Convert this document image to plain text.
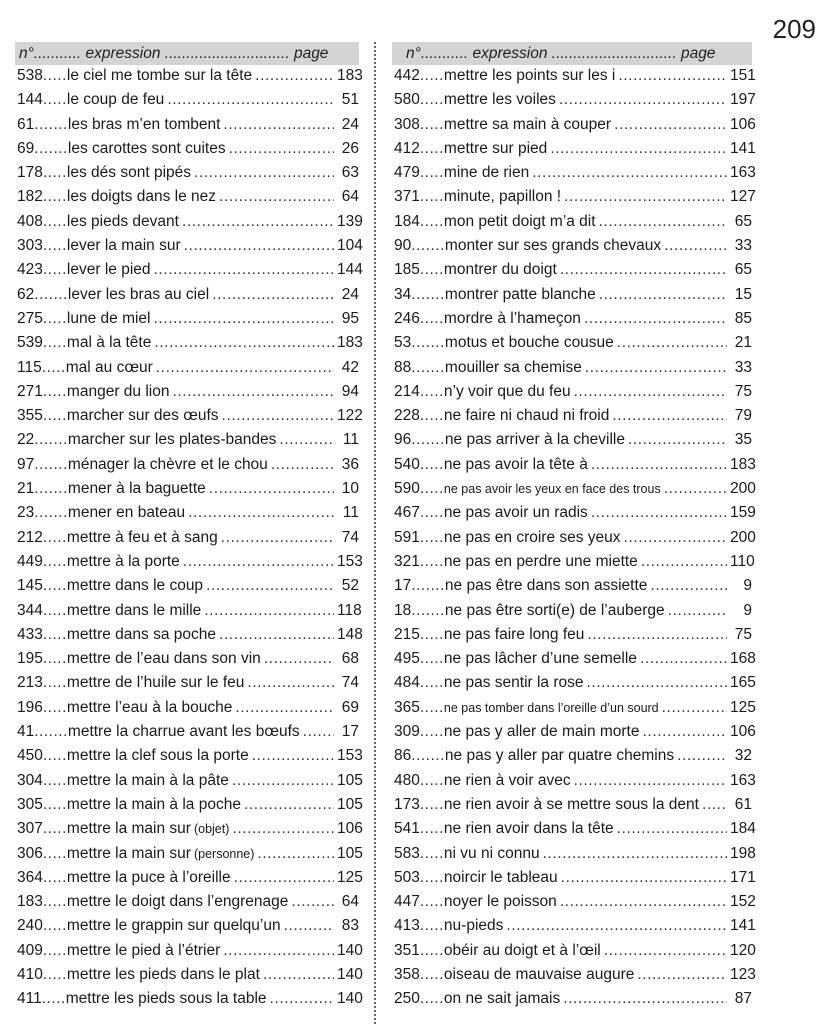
209
n°........... expression ............................. page
538 ..... le ciel me tombe sur la tête .....	183
144 ..... le coup de feu .....	51
61 ....... les bras m’en tombent .....	24
69 ....... les carottes sont cuites .....	26
178 ..... les dés sont pipés .....	63
182 ..... les doigts dans le nez .....	64
408 ..... les pieds devant .....	139
303 ..... lever la main sur .....	104
423 ..... lever le pied .....	144
62 ....... lever les bras au ciel .....	24
275 ..... lune de miel .....	95
539 ..... mal à la tête .....	183
115 ..... mal au cœur .....	42
271 ..... manger du lion .....	94
355 ..... marcher sur des œufs .....	122
22 ....... marcher sur les plates-bandes .....	11
97 ....... ménager la chèvre et le chou .....	36
21 ....... mener à la baguette .....	10
23 ....... mener en bateau .....	11
212 ..... mettre à feu et à sang .....	74
449 ..... mettre à la porte .....	153
145 ..... mettre dans le coup .....	52
344 ..... mettre dans le mille .....	118
433 ..... mettre dans sa poche .....	148
195 ..... mettre de l’eau dans son vin .....	68
213 ..... mettre de l’huile sur le feu .....	74
196 ..... mettre l’eau à la bouche .....	69
41 ....... mettre la charrue avant les bœufs .....	17
450 ..... mettre la clef sous la porte .....	153
304 ..... mettre la main à la pâte .....	105
305 ..... mettre la main à la poche .....	105
307 ..... mettre la main sur (objet) .....	106
306 ..... mettre la main sur (personne) .....	105
364 ..... mettre la puce à l’oreille .....	125
183 ..... mettre le doigt dans l’engrenage .....	64
240 ..... mettre le grappin sur quelqu’un .....	83
409 ..... mettre le pied à l’étrier .....	140
410 ..... mettre les pieds dans le plat .....	140
411 ..... mettre les pieds sous la table .....	140
n°........... expression ............................. page
442 ..... mettre les points sur les i .....	151
580 ..... mettre les voiles .....	197
308 ..... mettre sa main à couper .....	106
412 ..... mettre sur pied .....	141
479 ..... mine de rien .....	163
371 ..... minute, papillon ! .....	127
184 ..... mon petit doigt m’a dit .....	65
90 ....... monter sur ses grands chevaux .....	33
185 ..... montrer du doigt .....	65
34 ....... montrer patte blanche .....	15
246 ..... mordre à l’hameçon .....	85
53 ....... motus et bouche cousue .....	21
88 ....... mouiller sa chemise .....	33
214 ..... n’y voir que du feu .....	75
228 ..... ne faire ni chaud ni froid .....	79
96 ....... ne pas arriver à la cheville .....	35
540 ..... ne pas avoir la tête à .....	183
590 ..... ne pas avoir les yeux en face des trous .....	200
467 ..... ne pas avoir un radis .....	159
591 ..... ne pas en croire ses yeux .....	200
321 ..... ne pas en perdre une miette .....	110
17 ....... ne pas être dans son assiette .....	9
18 ....... ne pas être sorti(e) de l’auberge .....	9
215 ..... ne pas faire long feu .....	75
495 ..... ne pas lâcher d’une semelle .....	168
484 ..... ne pas sentir la rose .....	165
365 ..... ne pas tomber dans l’oreille d’un sourd .....	125
309 ..... ne pas y aller de main morte .....	106
86 ....... ne pas y aller par quatre chemins .....	32
480 ..... ne rien à voir avec .....	163
173 ..... ne rien avoir à se mettre sous la dent .....	61
541 ..... ne rien avoir dans la tête .....	184
583 ..... ni vu ni connu .....	198
503 ..... noircir le tableau .....	171
447 ..... noyer le poisson .....	152
413 ..... nu-pieds .....	141
351 ..... obéir au doigt et à l’œil .....	120
358 ..... oiseau de mauvaise augure .....	123
250 ..... on ne sait jamais .....	87
